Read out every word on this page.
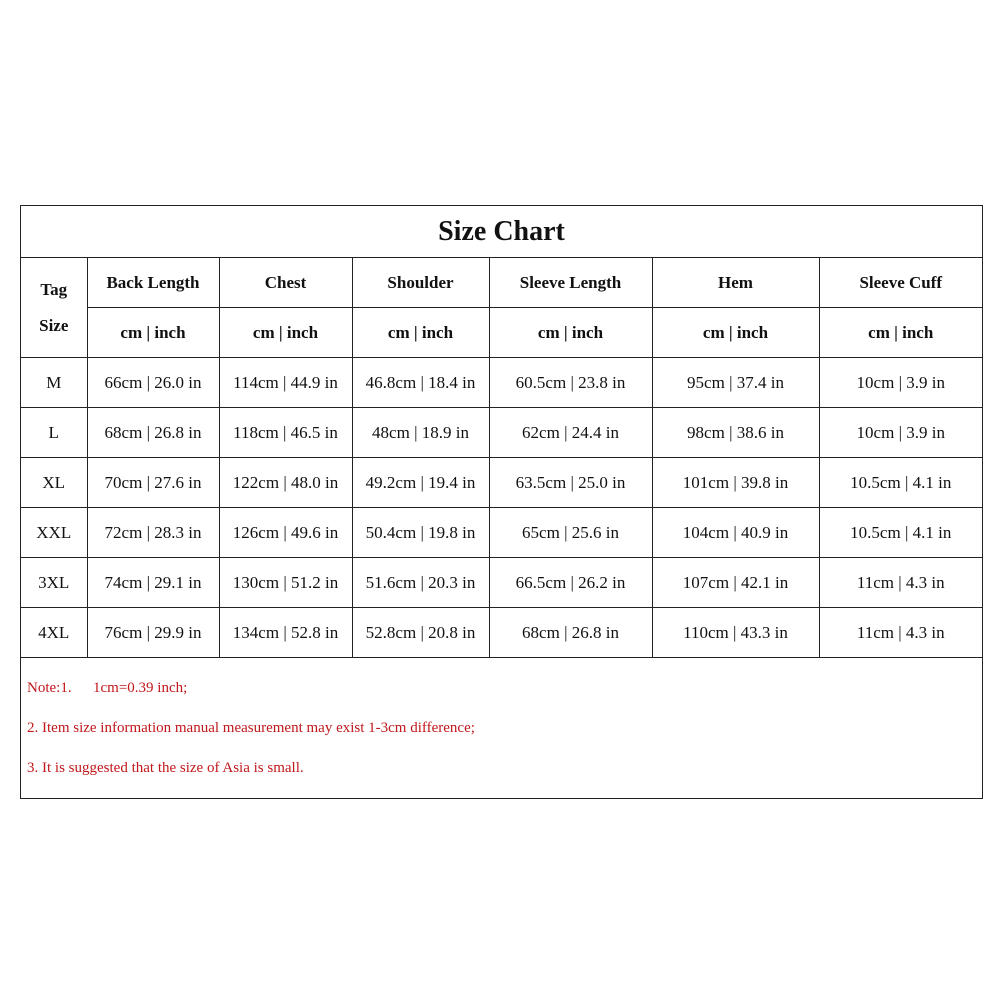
Size Chart
Tag
Size	Back Length	Chest	Shoulder	Sleeve Length	Hem	Sleeve Cuff
	cm | inch	cm | inch	cm | inch	cm | inch	cm | inch	cm | inch
M	66cm | 26.0 in	114cm | 44.9 in	46.8cm | 18.4 in	60.5cm | 23.8 in	95cm | 37.4 in	10cm | 3.9 in
L	68cm | 26.8 in	118cm | 46.5 in	48cm | 18.9 in	62cm | 24.4 in	98cm | 38.6 in	10cm | 3.9 in
XL	70cm | 27.6 in	122cm | 48.0 in	49.2cm | 19.4 in	63.5cm | 25.0 in	101cm | 39.8 in	10.5cm | 4.1 in
XXL	72cm | 28.3 in	126cm | 49.6 in	50.4cm | 19.8 in	65cm | 25.6 in	104cm | 40.9 in	10.5cm | 4.1 in
3XL	74cm | 29.1 in	130cm | 51.2 in	51.6cm | 20.3 in	66.5cm | 26.2 in	107cm | 42.1 in	11cm | 4.3 in
4XL	76cm | 29.9 in	134cm | 52.8 in	52.8cm | 20.8 in	68cm | 26.8 in	110cm | 43.3 in	11cm | 4.3 in

Note:1. 1cm=0.39 inch;

2. Item size information manual measurement may exist 1-3cm difference;

3. It is suggested that the size of Asia is small.
